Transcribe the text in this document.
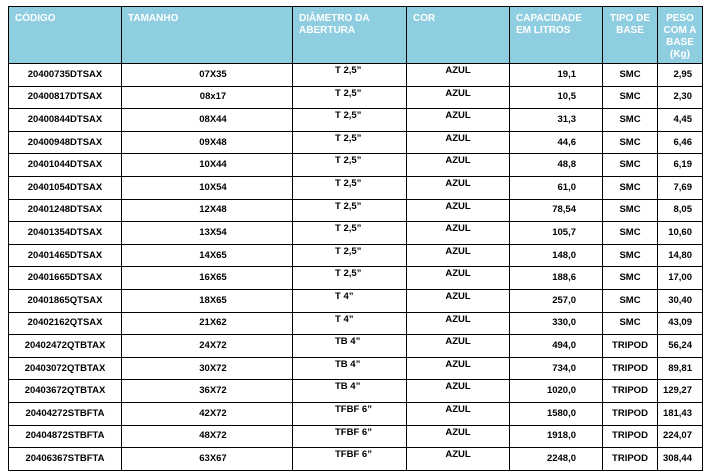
CÓDIGO	TAMANHO	DIÂMETRO DA ABERTURA	COR	CAPACIDADE EM LITROS	TIPO DE BASE	PESO COM A BASE (Kg)
20400735DTSAX	07X35	T 2,5”	AZUL	19,1	SMC	2,95
20400817DTSAX	08x17	T 2,5”	AZUL	10,5	SMC	2,30
20400844DTSAX	08X44	T 2,5”	AZUL	31,3	SMC	4,45
20400948DTSAX	09X48	T 2,5”	AZUL	44,6	SMC	6,46
20401044DTSAX	10X44	T 2,5”	AZUL	48,8	SMC	6,19
20401054DTSAX	10X54	T 2,5”	AZUL	61,0	SMC	7,69
20401248DTSAX	12X48	T 2,5”	AZUL	78,54	SMC	8,05
20401354DTSAX	13X54	T 2,5”	AZUL	105,7	SMC	10,60
20401465DTSAX	14X65	T 2,5”	AZUL	148,0	SMC	14,80
20401665DTSAX	16X65	T 2,5”	AZUL	188,6	SMC	17,00
20401865QTSAX	18X65	T 4”	AZUL	257,0	SMC	30,40
20402162QTSAX	21X62	T 4”	AZUL	330,0	SMC	43,09
20402472QTBTAX	24X72	TB 4”	AZUL	494,0	TRIPOD	56,24
20403072QTBTAX	30X72	TB 4”	AZUL	734,0	TRIPOD	89,81
20403672QTBTAX	36X72	TB 4”	AZUL	1020,0	TRIPOD	129,27
20404272STBFTA	42X72	TFBF 6”	AZUL	1580,0	TRIPOD	181,43
20404872STBFTA	48X72	TFBF 6”	AZUL	1918,0	TRIPOD	224,07
20406367STBFTA	63X67	TFBF 6”	AZUL	2248,0	TRIPOD	308,44
